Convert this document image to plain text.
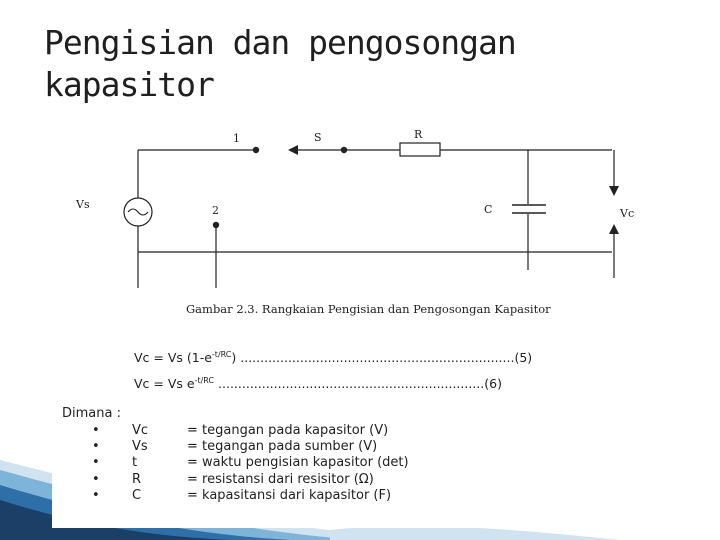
Pengisian dan pengosongan
kapasitor
1	S	R
Vs	2	C	Vc
Gambar 2.3. Rangkaian Pengisian dan Pengosongan Kapasitor
Vc = Vs $(1-e^{-t/RC})$ .....................................................................(5)
Vc = Vs $e^{-t/RC}$ ...................................................................(6)
Dimana :
• Vc	= tegangan pada kapasitor (V)
• Vs	= tegangan pada sumber (V)
• t	= waktu pengisian kapasitor (det)
• R	= resistansi dari resisitor (Ω)
• C	= kapasitansi dari kapasitor (F)
